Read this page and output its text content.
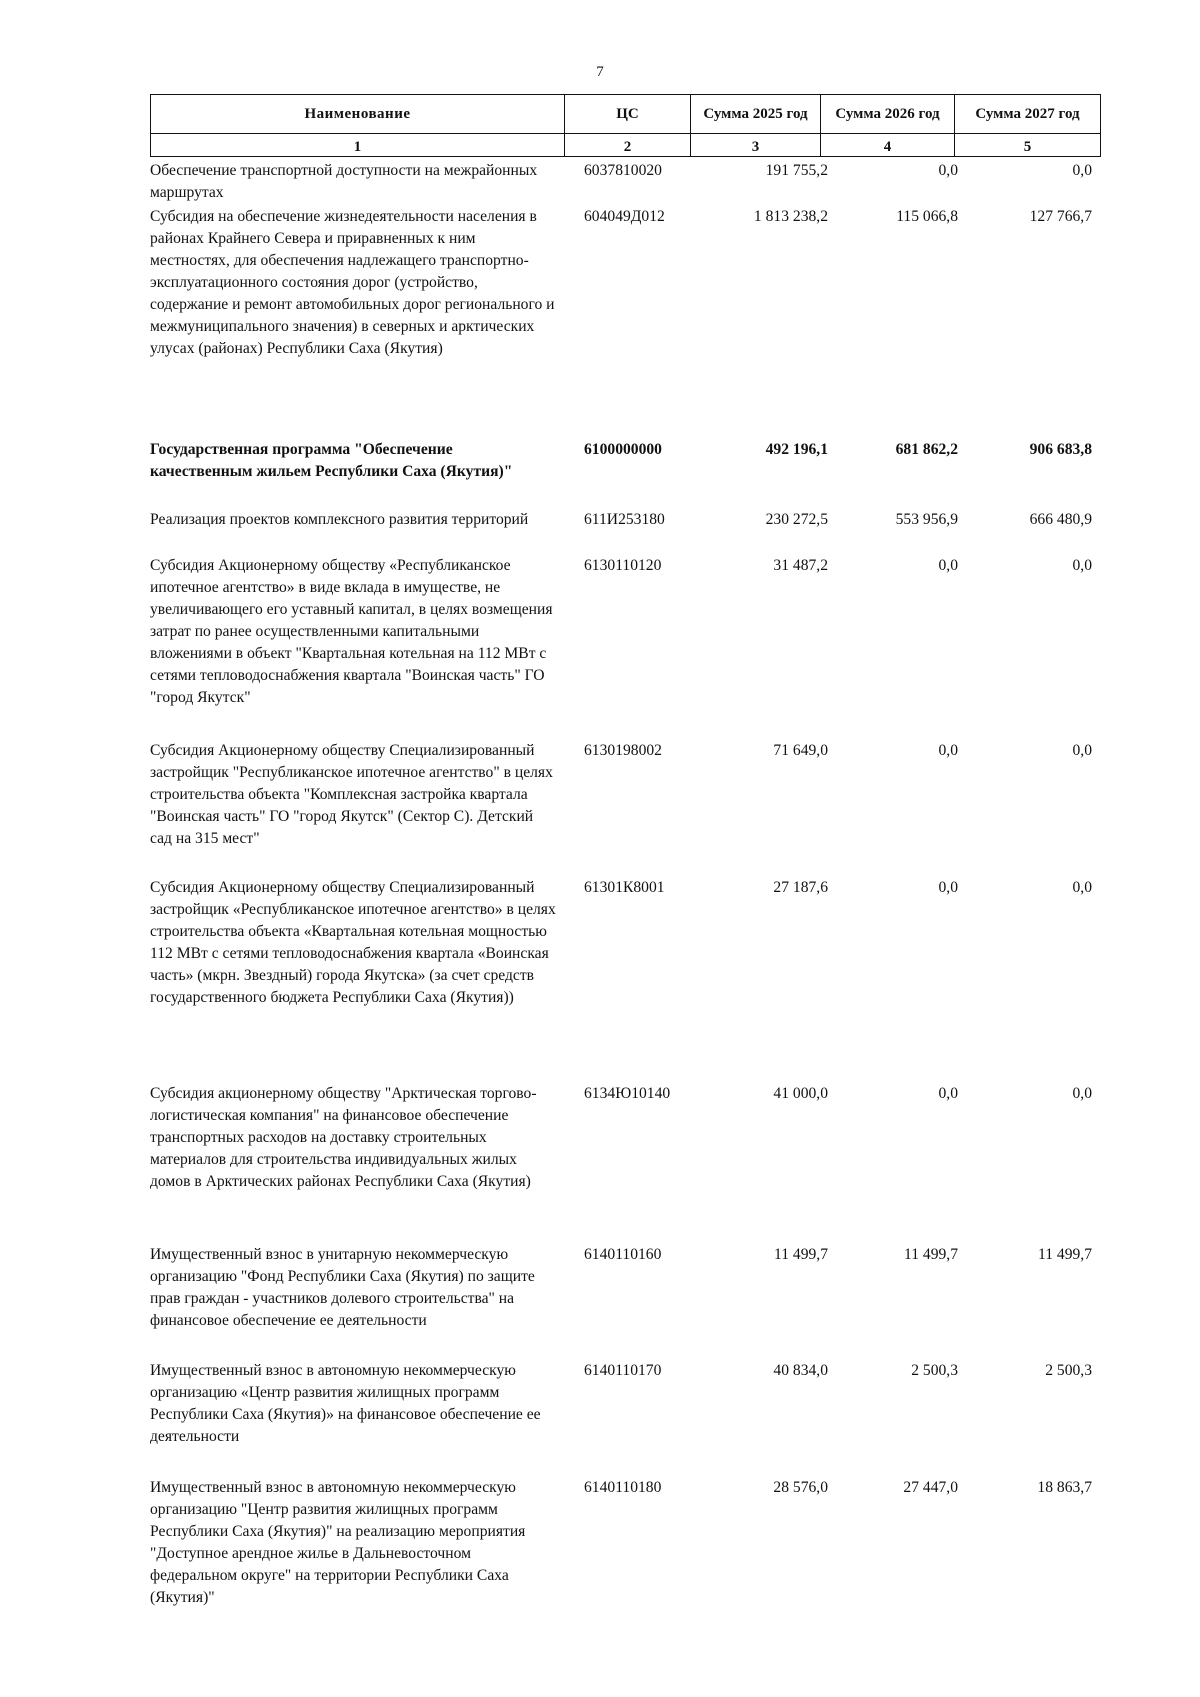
7
Наименование	ЦС	Сумма 2025 год	Сумма 2026 год	Сумма 2027 год
1	2	3	4	5
Обеспечение транспортной доступности на межрайонных маршрутах
6037810020	191 755,2	0,0	0,0
Субсидия на обеспечение жизнедеятельности населения в районах Крайнего Севера и приравненных к ним местностях, для обеспечения надлежащего транспортно-эксплуатационного состояния дорог (устройство, содержание и ремонт автомобильных дорог регионального и межмуниципального значения) в северных и арктических улусах (районах) Республики Саха (Якутия)
604049Д012	1 813 238,2	115 066,8	127 766,7
Государственная программа "Обеспечение качественным жильем Республики Саха (Якутия)"
6100000000	492 196,1	681 862,2	906 683,8
Реализация проектов комплексного развития территорий	611И253180	230 272,5	553 956,9	666 480,9
Субсидия Акционерному обществу «Республиканское ипотечное агентство» в виде вклада в имуществе, не увеличивающего его уставный капитал, в целях возмещения затрат по ранее осуществленными капитальными вложениями в объект "Квартальная котельная на 112 МВт с сетями тепловодоснабжения квартала "Воинская часть" ГО "город Якутск"
6130110120	31 487,2	0,0	0,0
Субсидия Акционерному обществу Специализированный застройщик "Республиканское ипотечное агентство" в целях строительства объекта "Комплексная застройка квартала "Воинская часть" ГО "город Якутск" (Сектор С). Детский сад на 315 мест"
6130198002	71 649,0	0,0	0,0
Субсидия Акционерному обществу Специализированный застройщик «Республиканское ипотечное агентство» в целях строительства объекта «Квартальная котельная мощностью 112 МВт с сетями тепловодоснабжения квартала «Воинская часть» (мкрн. Звездный) города Якутска» (за счет средств государственного бюджета Республики Саха (Якутия))
61301К8001	27 187,6	0,0	0,0
Субсидия акционерному обществу "Арктическая торгово-логистическая компания" на финансовое обеспечение транспортных расходов на доставку строительных материалов для строительства индивидуальных жилых домов в Арктических районах Республики Саха (Якутия)
6134Ю10140	41 000,0	0,0	0,0
Имущественный взнос в унитарную некоммерческую организацию "Фонд Республики Саха (Якутия) по защите прав граждан - участников долевого строительства" на финансовое обеспечение ее деятельности
6140110160	11 499,7	11 499,7	11 499,7
Имущественный взнос в автономную некоммерческую организацию «Центр развития жилищных программ Республики Саха (Якутия)» на финансовое обеспечение ее деятельности
6140110170	40 834,0	2 500,3	2 500,3
Имущественный взнос в автономную некоммерческую организацию "Центр развития жилищных программ Республики Саха (Якутия)" на реализацию мероприятия "Доступное арендное жилье в Дальневосточном федеральном округе" на территории Республики Саха (Якутия)"
6140110180	28 576,0	27 447,0	18 863,7
